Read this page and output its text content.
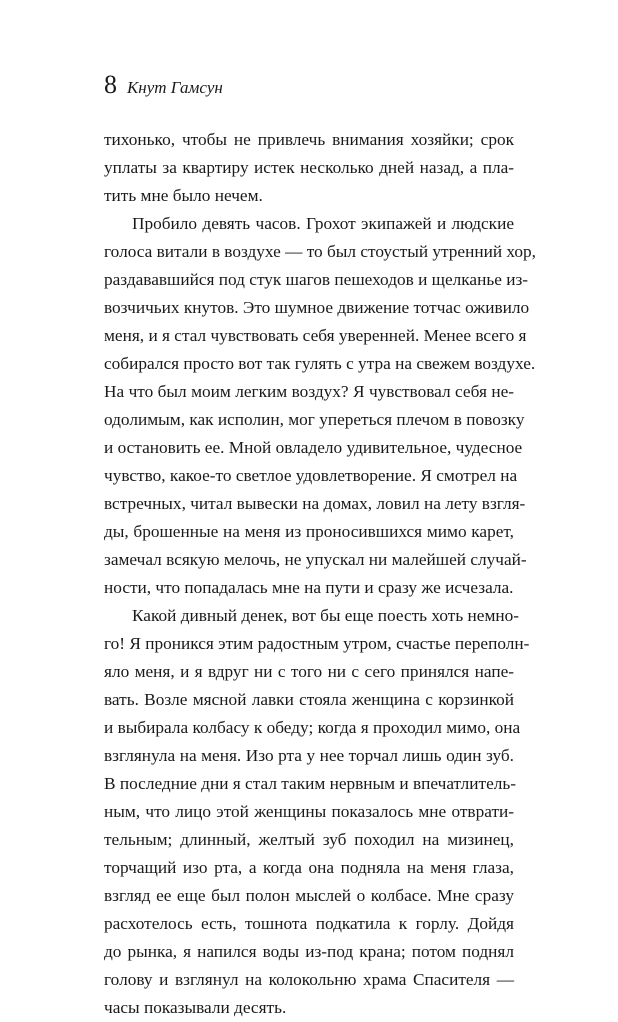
8 Кнут Гамсун
тихонько, чтобы не привлечь внимания хозяйки; срок
уплаты за квартиру истек несколько дней назад, а пла-
тить мне было нечем.
Пробило девять часов. Грохот экипажей и людские
голоса витали в воздухе — то был стоустый утренний хор,
раздававшийся под стук шагов пешеходов и щелканье из-
возчичьих кнутов. Это шумное движение тотчас оживило
меня, и я стал чувствовать себя уверенней. Менее всего я
собирался просто вот так гулять с утра на свежем воздухе.
На что был моим легким воздух? Я чувствовал себя не-
одолимым, как исполин, мог упереться плечом в повозку
и остановить ее. Мной овладело удивительное, чудесное
чувство, какое-то светлое удовлетворение. Я смотрел на
встречных, читал вывески на домах, ловил на лету взгля-
ды, брошенные на меня из проносившихся мимо карет,
замечал всякую мелочь, не упускал ни малейшей случай-
ности, что попадалась мне на пути и сразу же исчезала.
Какой дивный денек, вот бы еще поесть хоть немно-
го! Я проникся этим радостным утром, счастье переполн-
яло меня, и я вдруг ни с того ни с сего принялся напе-
вать. Возле мясной лавки стояла женщина с корзинкой
и выбирала колбасу к обеду; когда я проходил мимо, она
взглянула на меня. Изо рта у нее торчал лишь один зуб.
В последние дни я стал таким нервным и впечатлитель-
ным, что лицо этой женщины показалось мне отврати-
тельным; длинный, желтый зуб походил на мизинец,
торчащий изо рта, а когда она подняла на меня глаза,
взгляд ее еще был полон мыслей о колбасе. Мне сразу
расхотелось есть, тошнота подкатила к горлу. Дойдя
до рынка, я напился воды из-под крана; потом поднял
голову и взглянул на колокольню храма Спасителя —
часы показывали десять.
